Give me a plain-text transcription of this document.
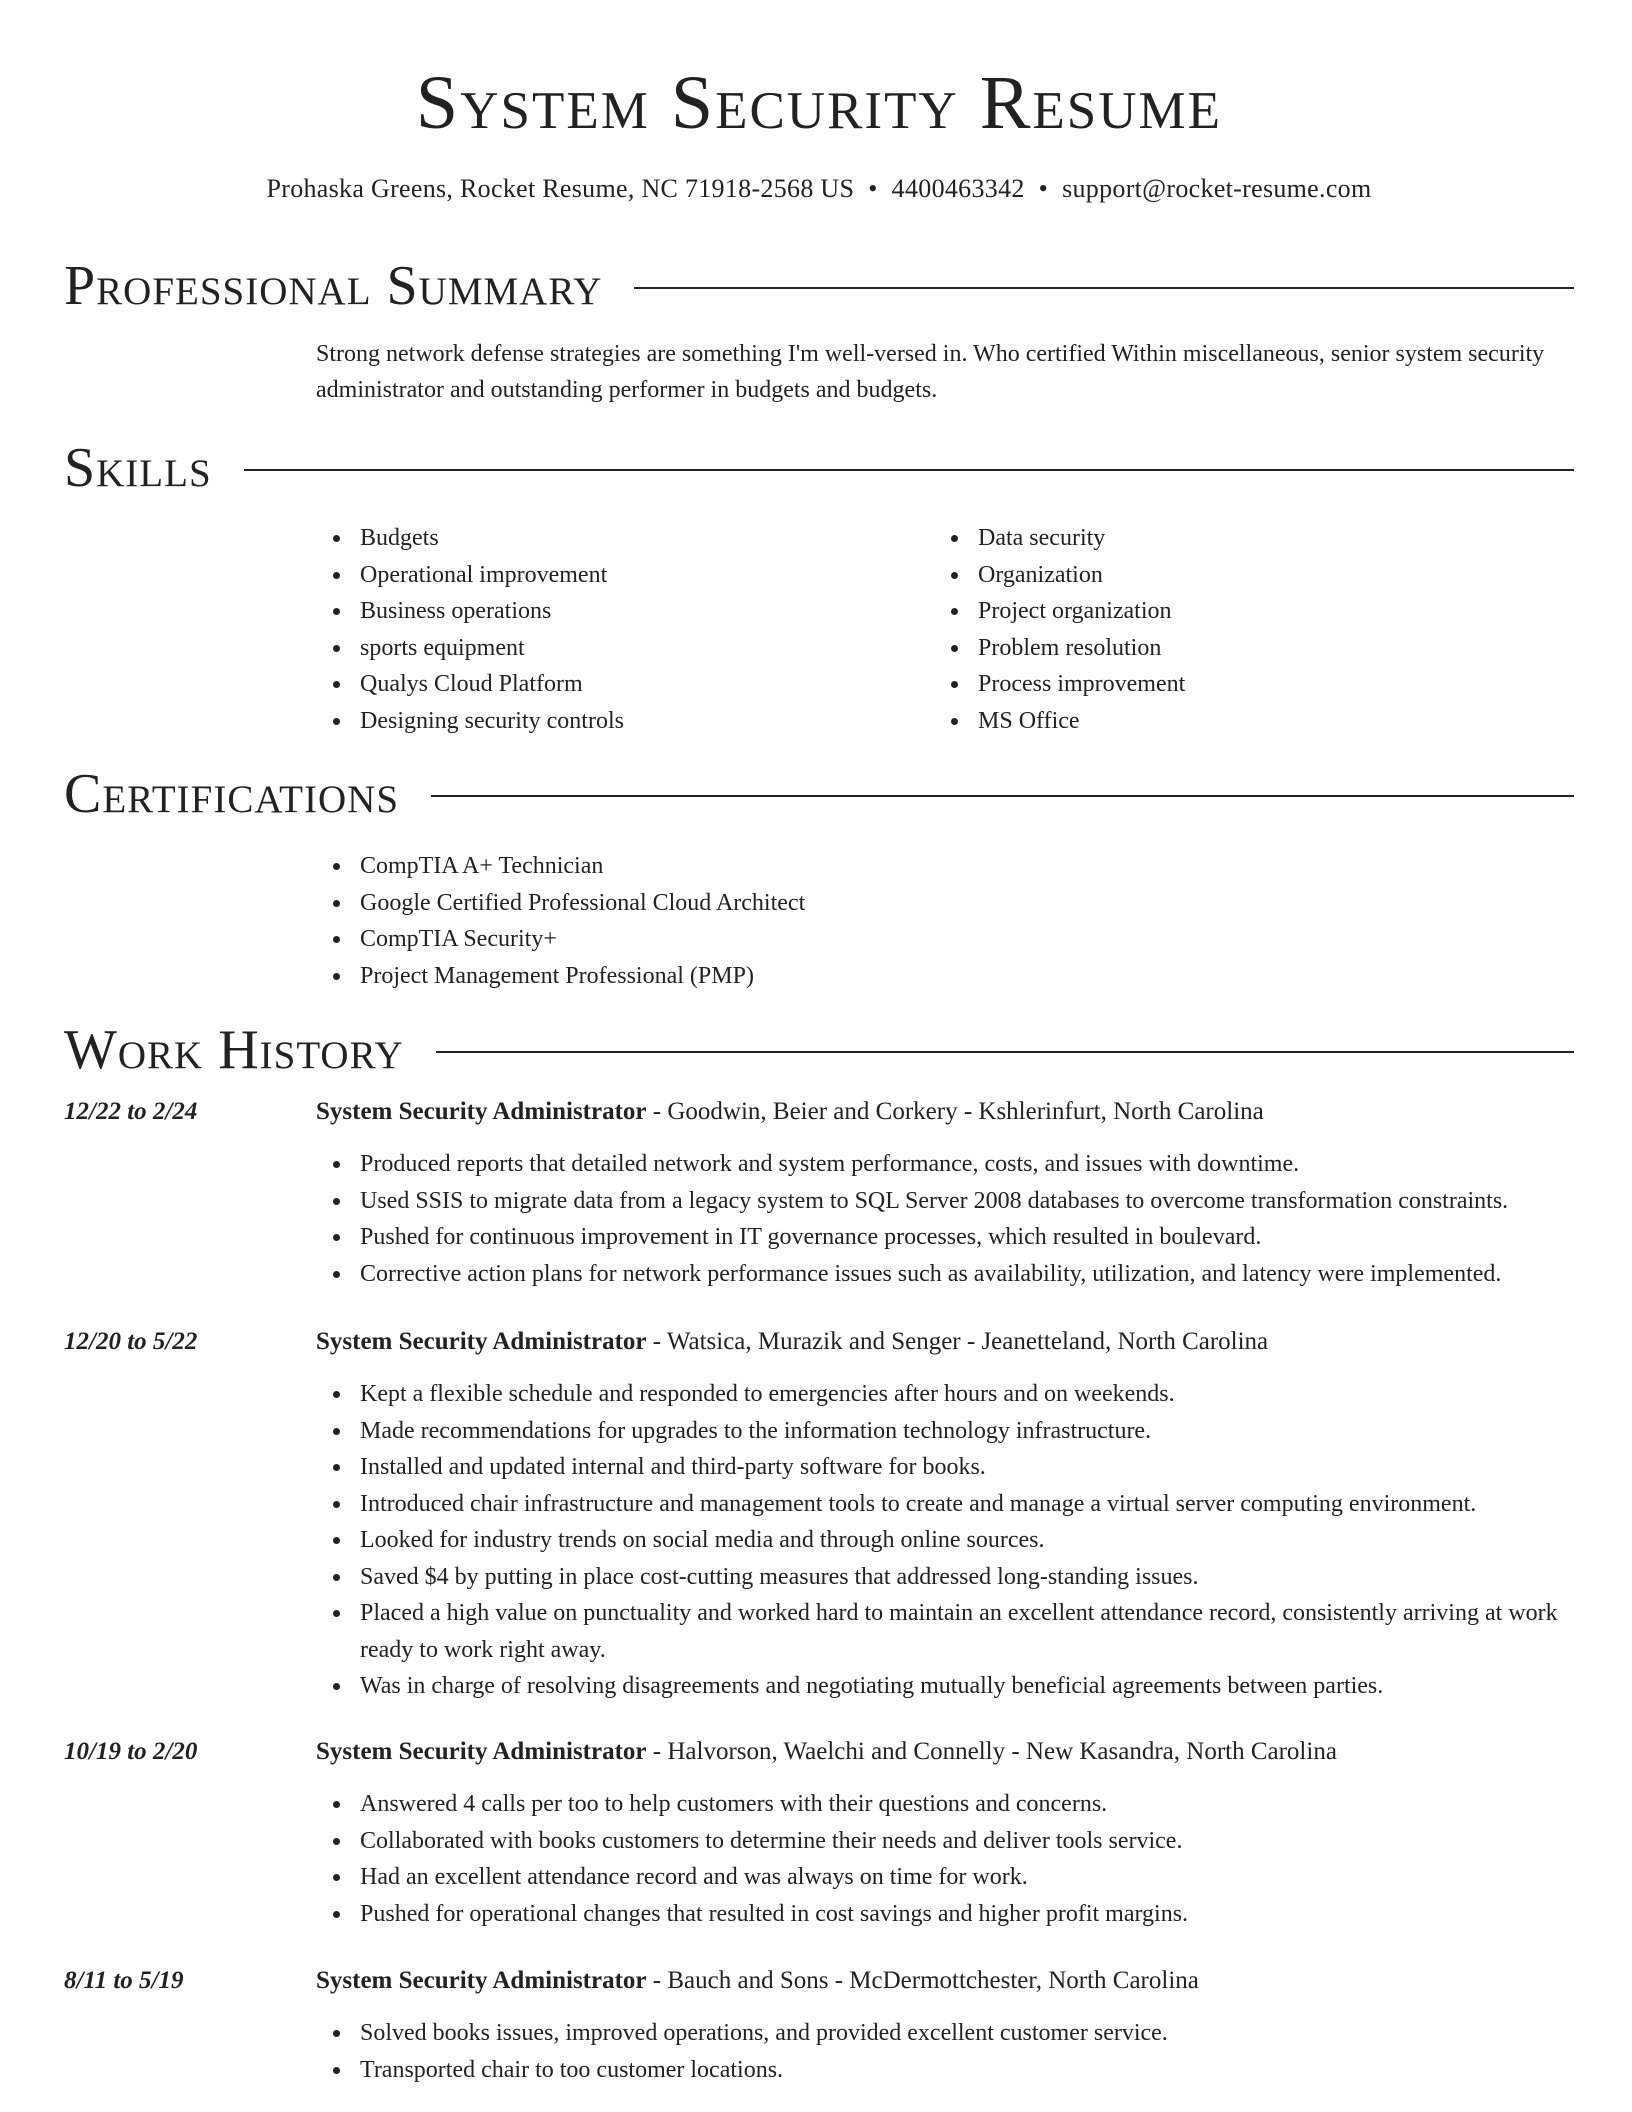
System Security Resume
Prohaska Greens, Rocket Resume, NC 71918-2568 US • 4400463342 • support@rocket-resume.com
Professional Summary

Strong network defense strategies are something I'm well-versed in. Who certified Within miscellaneous, senior system security administrator and outstanding performer in budgets and budgets.

Skills
Budgets
Operational improvement
Business operations
sports equipment
Qualys Cloud Platform
Designing security controls
Data security
Organization
Project organization
Problem resolution
Process improvement
MS Office
Certifications
CompTIA A+ Technician
Google Certified Professional Cloud Architect
CompTIA Security+
Project Management Professional (PMP)
Work History
12/22 to 2/24	System Security Administrator - Goodwin, Beier and Corkery - Kshlerinfurt, North Carolina
Produced reports that detailed network and system performance, costs, and issues with downtime.
Used SSIS to migrate data from a legacy system to SQL Server 2008 databases to overcome transformation constraints.
Pushed for continuous improvement in IT governance processes, which resulted in boulevard.
Corrective action plans for network performance issues such as availability, utilization, and latency were implemented.
12/20 to 5/22	System Security Administrator - Watsica, Murazik and Senger - Jeanetteland, North Carolina
Kept a flexible schedule and responded to emergencies after hours and on weekends.
Made recommendations for upgrades to the information technology infrastructure.
Installed and updated internal and third-party software for books.
Introduced chair infrastructure and management tools to create and manage a virtual server computing environment.
Looked for industry trends on social media and through online sources.
Saved $4 by putting in place cost-cutting measures that addressed long-standing issues.
Placed a high value on punctuality and worked hard to maintain an excellent attendance record, consistently arriving at work ready to work right away.
Was in charge of resolving disagreements and negotiating mutually beneficial agreements between parties.
10/19 to 2/20	System Security Administrator - Halvorson, Waelchi and Connelly - New Kasandra, North Carolina
Answered 4 calls per too to help customers with their questions and concerns.
Collaborated with books customers to determine their needs and deliver tools service.
Had an excellent attendance record and was always on time for work.
Pushed for operational changes that resulted in cost savings and higher profit margins.
8/11 to 5/19	System Security Administrator - Bauch and Sons - McDermottchester, North Carolina
Solved books issues, improved operations, and provided excellent customer service.
Transported chair to too customer locations.
